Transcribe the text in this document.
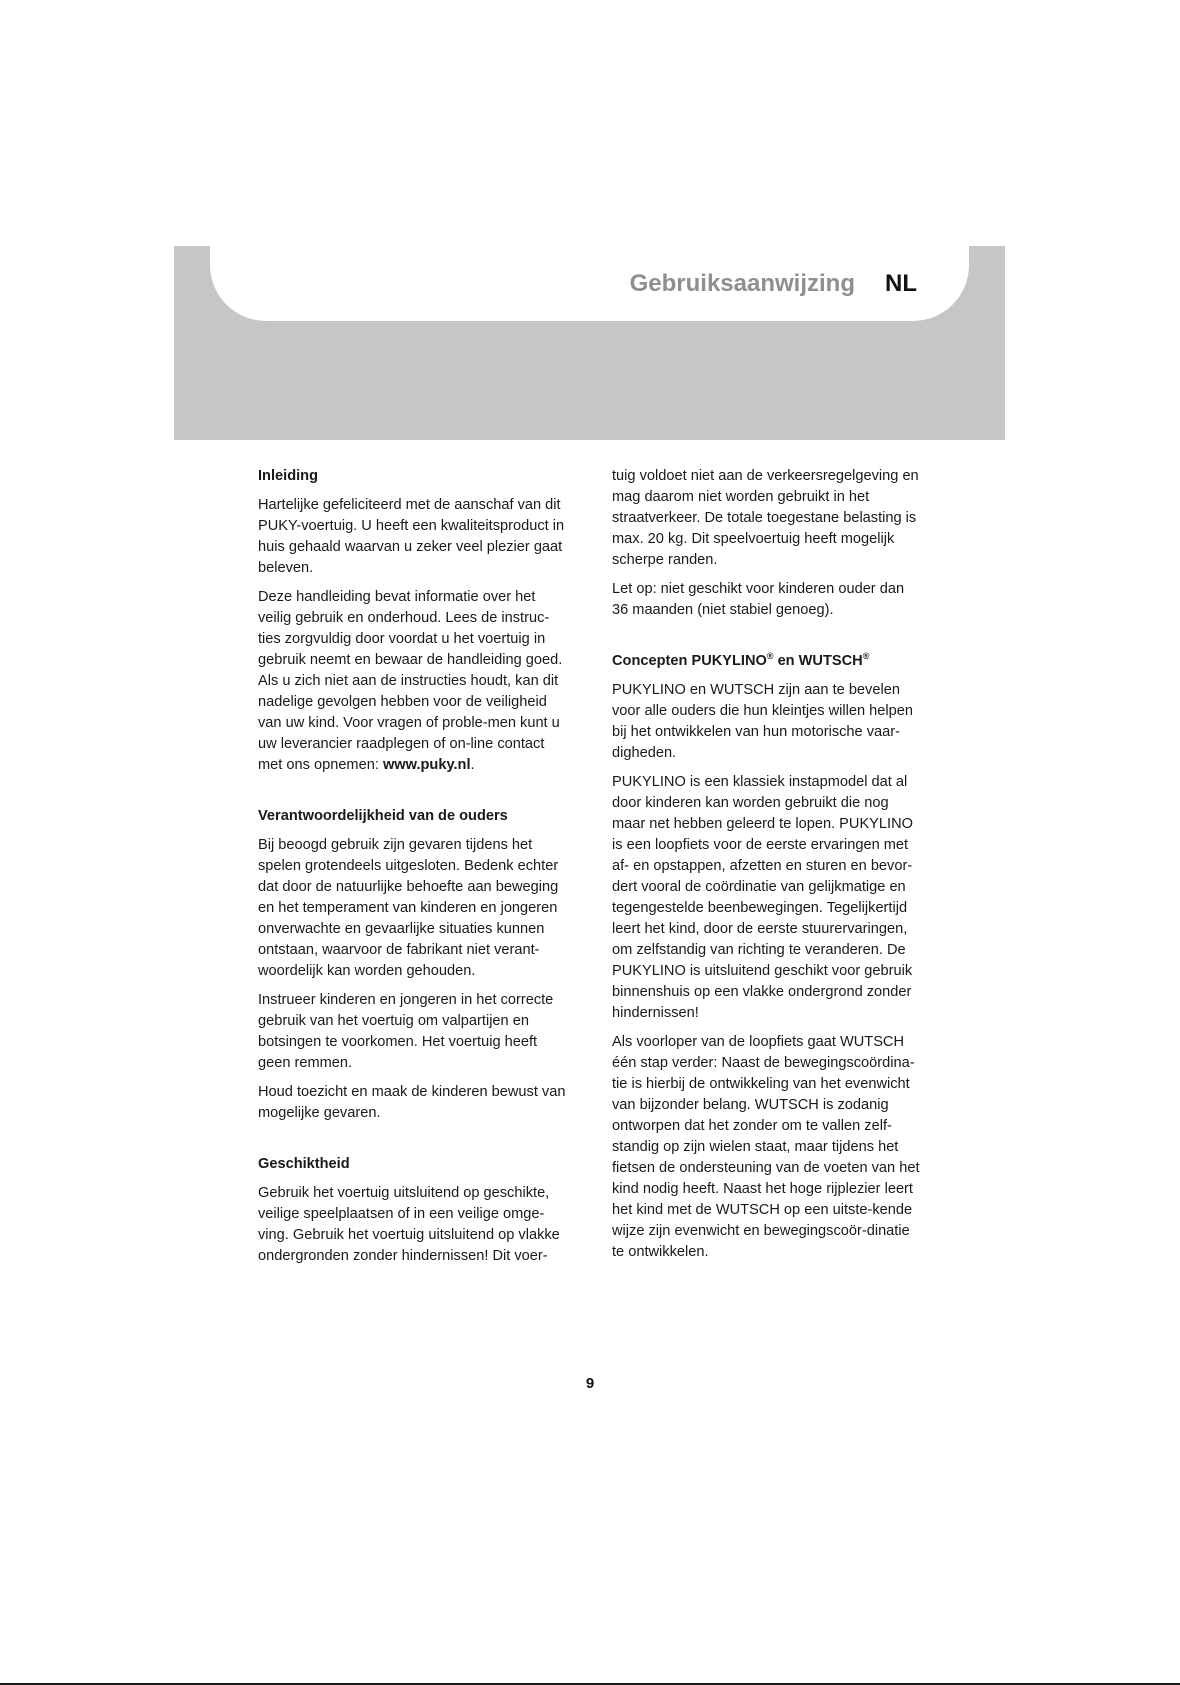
Gebruiksaanwijzing NL
Inleiding

Hartelijke gefeliciteerd met de aanschaf van dit PUKY-voertuig. U heeft een kwaliteitsproduct in huis gehaald waarvan u zeker veel plezier gaat beleven.

Deze handleiding bevat informatie over het veilig gebruik en onderhoud. Lees de instruc-ties zorgvuldig door voordat u het voertuig in gebruik neemt en bewaar de handleiding goed. Als u zich niet aan de instructies houdt, kan dit nadelige gevolgen hebben voor de veiligheid van uw kind. Voor vragen of proble-men kunt u uw leverancier raadplegen of on-line contact met ons opnemen: www.puky.nl.

Verantwoordelijkheid van de ouders

Bij beoogd gebruik zijn gevaren tijdens het spelen grotendeels uitgesloten. Bedenk echter dat door de natuurlijke behoefte aan beweging en het temperament van kinderen en jongeren onverwachte en gevaarlijke situaties kunnen ontstaan, waarvoor de fabrikant niet verant-woordelijk kan worden gehouden.

Instrueer kinderen en jongeren in het correcte gebruik van het voertuig om valpartijen en botsingen te voorkomen. Het voertuig heeft geen remmen.

Houd toezicht en maak de kinderen bewust van mogelijke gevaren.

Geschiktheid

Gebruik het voertuig uitsluitend op geschikte, veilige speelplaatsen of in een veilige omge-ving. Gebruik het voertuig uitsluitend op vlakke ondergronden zonder hindernissen! Dit voer-

tuig voldoet niet aan de verkeersregelgeving en mag daarom niet worden gebruikt in het straatverkeer. De totale toegestane belasting is max. 20 kg. Dit speelvoertuig heeft mogelijk scherpe randen.

Let op: niet geschikt voor kinderen ouder dan 36 maanden (niet stabiel genoeg).

Concepten PUKYLINO® en WUTSCH®

PUKYLINO en WUTSCH zijn aan te bevelen voor alle ouders die hun kleintjes willen helpen bij het ontwikkelen van hun motorische vaar-digheden.

PUKYLINO is een klassiek instapmodel dat al door kinderen kan worden gebruikt die nog maar net hebben geleerd te lopen. PUKYLINO is een loopfiets voor de eerste ervaringen met af- en opstappen, afzetten en sturen en bevor-dert vooral de coördinatie van gelijkmatige en tegengestelde beenbewegingen. Tegelijkertijd leert het kind, door de eerste stuurervaringen, om zelfstandig van richting te veranderen. De PUKYLINO is uitsluitend geschikt voor gebruik binnenshuis op een vlakke ondergrond zonder hindernissen!

Als voorloper van de loopfiets gaat WUTSCH één stap verder: Naast de bewegingscoördina-tie is hierbij de ontwikkeling van het evenwicht van bijzonder belang. WUTSCH is zodanig ontworpen dat het zonder om te vallen zelf-standig op zijn wielen staat, maar tijdens het fietsen de ondersteuning van de voeten van het kind nodig heeft. Naast het hoge rijplezier leert het kind met de WUTSCH op een uitste-kende wijze zijn evenwicht en bewegingscoör-dinatie te ontwikkelen.

9
